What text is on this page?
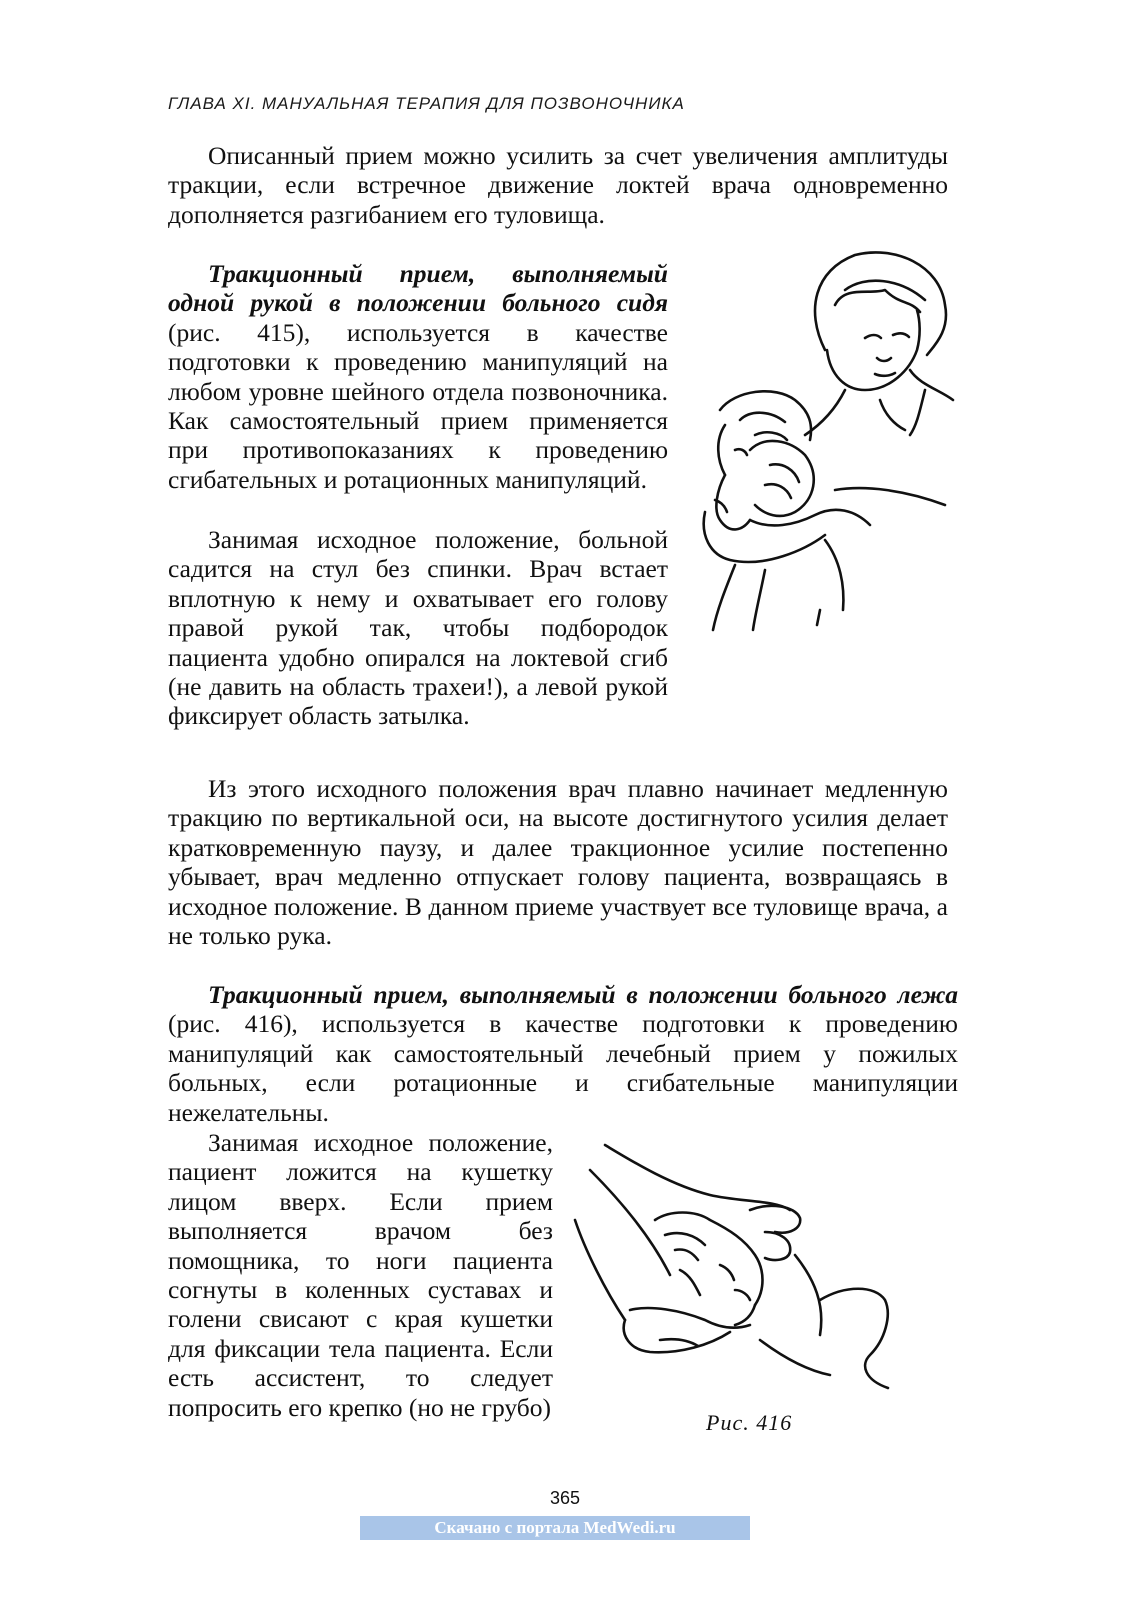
ГЛАВА XI. МАНУАЛЬНАЯ ТЕРАПИЯ ДЛЯ ПОЗВОНОЧНИКА
Описанный прием можно усилить за счет увеличения амплитуды тракции, если встречное движение локтей врача одновременно дополняется разгибанием его туловища.
Тракционный прием, выполняемый одной рукой в положении больного сидя (рис. 415), используется в качестве подготовки к проведению манипуляций на любом уровне шейного отдела позвоночника. Как самостоятельный прием применяется при противопоказаниях к проведению сгибательных и ротационных манипуляций.
Занимая исходное положение, больной садится на стул без спинки. Врач встает вплотную к нему и охватывает его голову правой рукой так, чтобы подбородок пациента удобно опирался на локтевой сгиб (не давить на область трахеи!), а левой рукой фиксирует область затылка.
Из этого исходного положения врач плавно начинает медленную тракцию по вертикальной оси, на высоте достигнутого усилия делает кратковременную паузу, и далее тракционное усилие постепенно убывает, врач медленно отпускает голову пациента, возвращаясь в исходное положение. В данном приеме участвует все туловище врача, а не только рука.
Тракционный прием, выполняемый в положении больного лежа (рис. 416), используется в качестве подготовки к проведению манипуляций как самостоятельный лечебный прием у пожилых больных, если ротационные и сгибательные манипуляции нежелательны.
Занимая исходное положение, пациент ложится на кушетку лицом вверх. Если прием выполняется врачом без помощника, то ноги пациента согнуты в коленных суставах и голени свисают с края кушетки для фиксации тела пациента. Если есть ассистент, то следует попросить его крепко (но не грубо)
Рис. 416
365
Скачано с портала MedWedi.ru
